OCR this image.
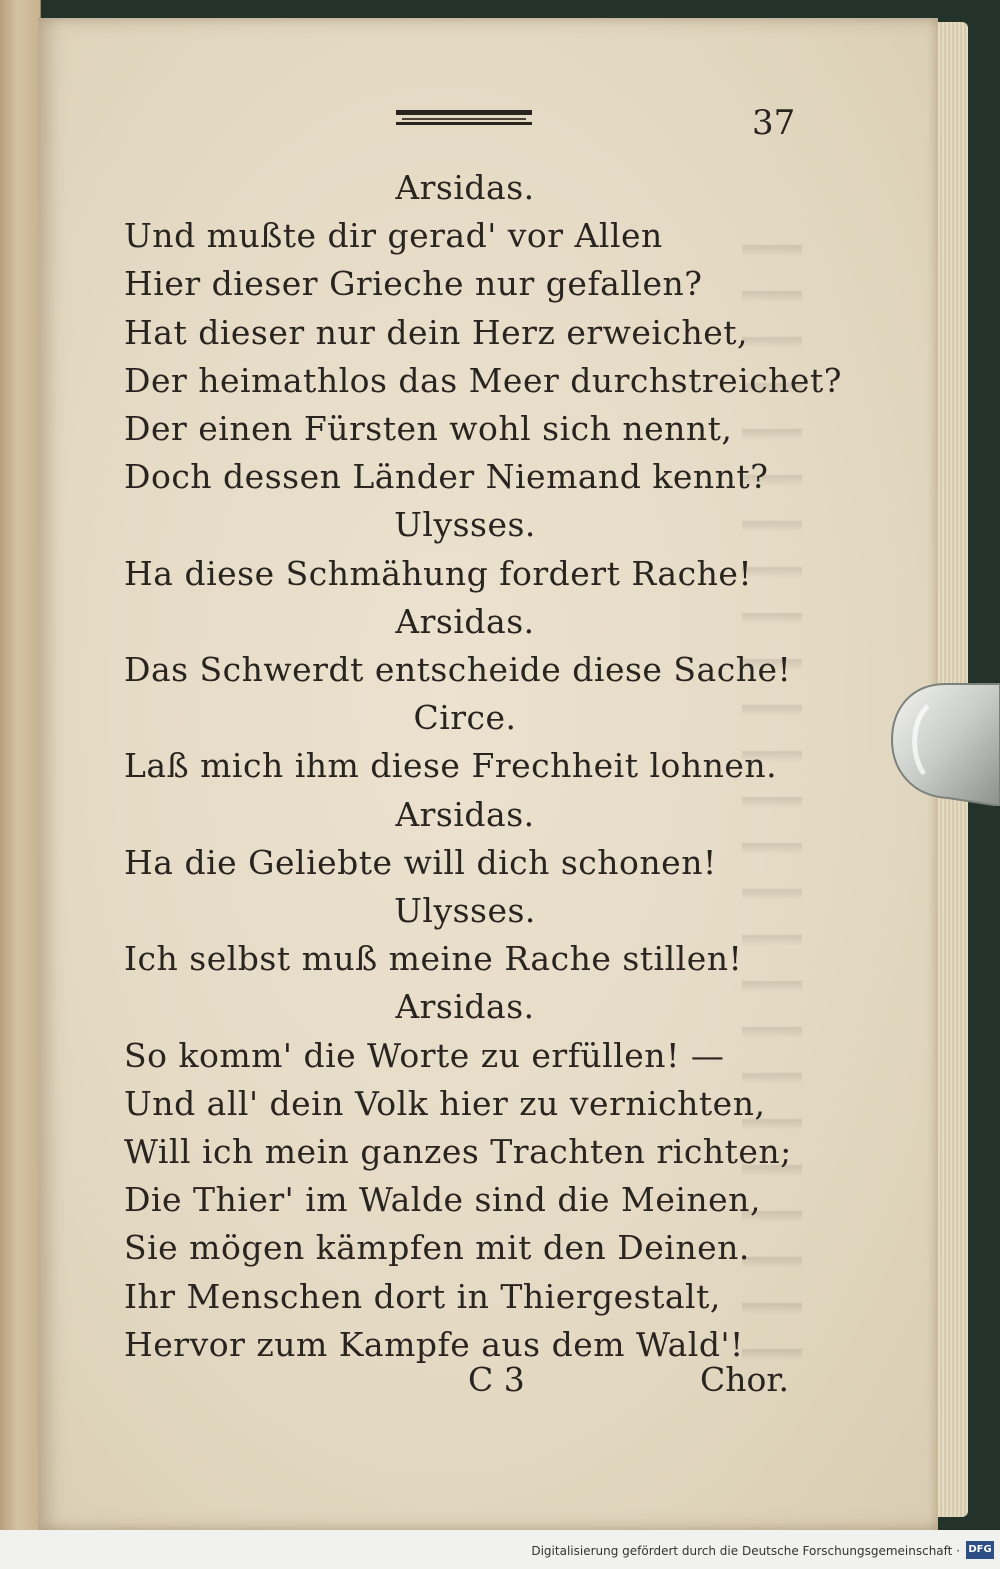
37
Arsidas.
Und mußte dir gerad' vor Allen
Hier dieser Grieche nur gefallen?
Hat dieser nur dein Herz erweichet,
Der heimathlos das Meer durchstreichet?
Der einen Fürsten wohl sich nennt,
Doch dessen Länder Niemand kennt?
Ulysses.
Ha diese Schmähung fordert Rache!
Arsidas.
Das Schwerdt entscheide diese Sache!
Circe.
Laß mich ihm diese Frechheit lohnen.
Arsidas.
Ha die Geliebte will dich schonen!
Ulysses.
Ich selbst muß meine Rache stillen!
Arsidas.
So komm' die Worte zu erfüllen! —
Und all' dein Volk hier zu vernichten,
Will ich mein ganzes Trachten richten;
Die Thier' im Walde sind die Meinen,
Sie mögen kämpfen mit den Deinen.
Ihr Menschen dort in Thiergestalt,
Hervor zum Kampfe aus dem Wald'!
C 3	Chor.
Digitalisierung gefördert durch die Deutsche Forschungsgemeinschaft · DFG
